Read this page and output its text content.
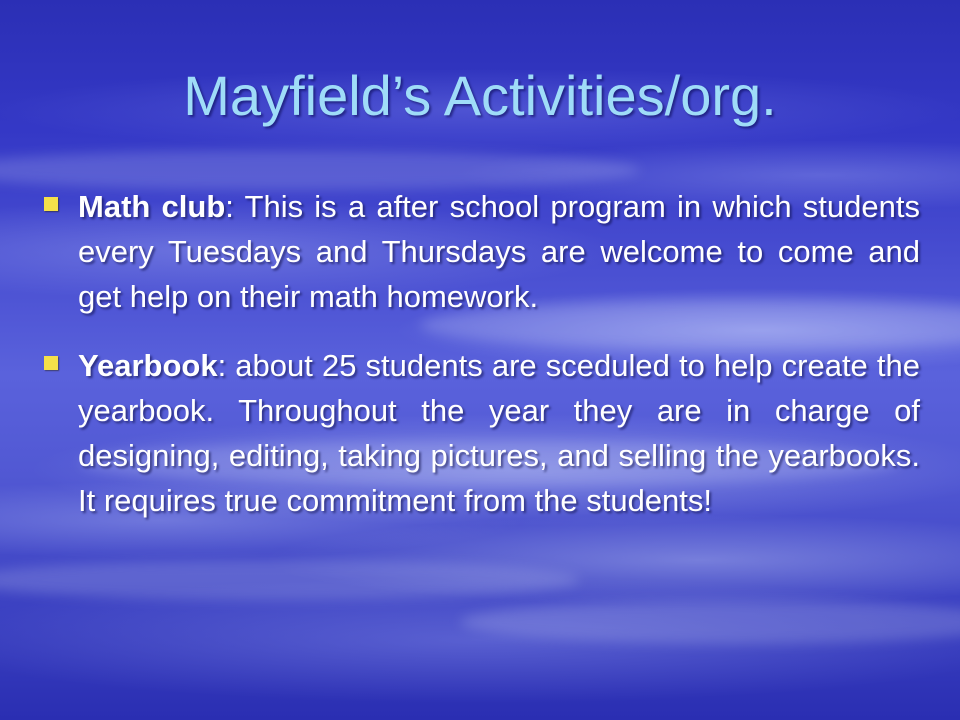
Mayfield’s Activities/org.

Math club: This is a after school program in which students every Tuesdays and Thursdays are welcome to come and get help on their math homework.

Yearbook: about 25 students are sceduled to help create the yearbook. Throughout the year they are in charge of designing, editing, taking pictures, and selling the yearbooks. It requires true commitment from the students!
